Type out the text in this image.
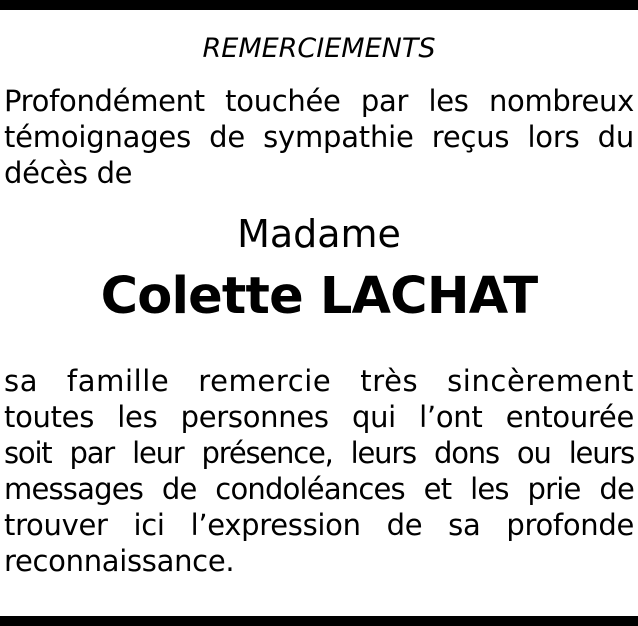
REMERCIEMENTS
Profondément touchée par les nombreux
témoignages de sympathie reçus lors du
décès de
Madame
Colette LACHAT
sa famille remercie très sincèrement
toutes les personnes qui l’ont entourée
soit par leur présence, leurs dons ou leurs
messages de condoléances et les prie de
trouver ici l’expression de sa profonde
reconnaissance.
